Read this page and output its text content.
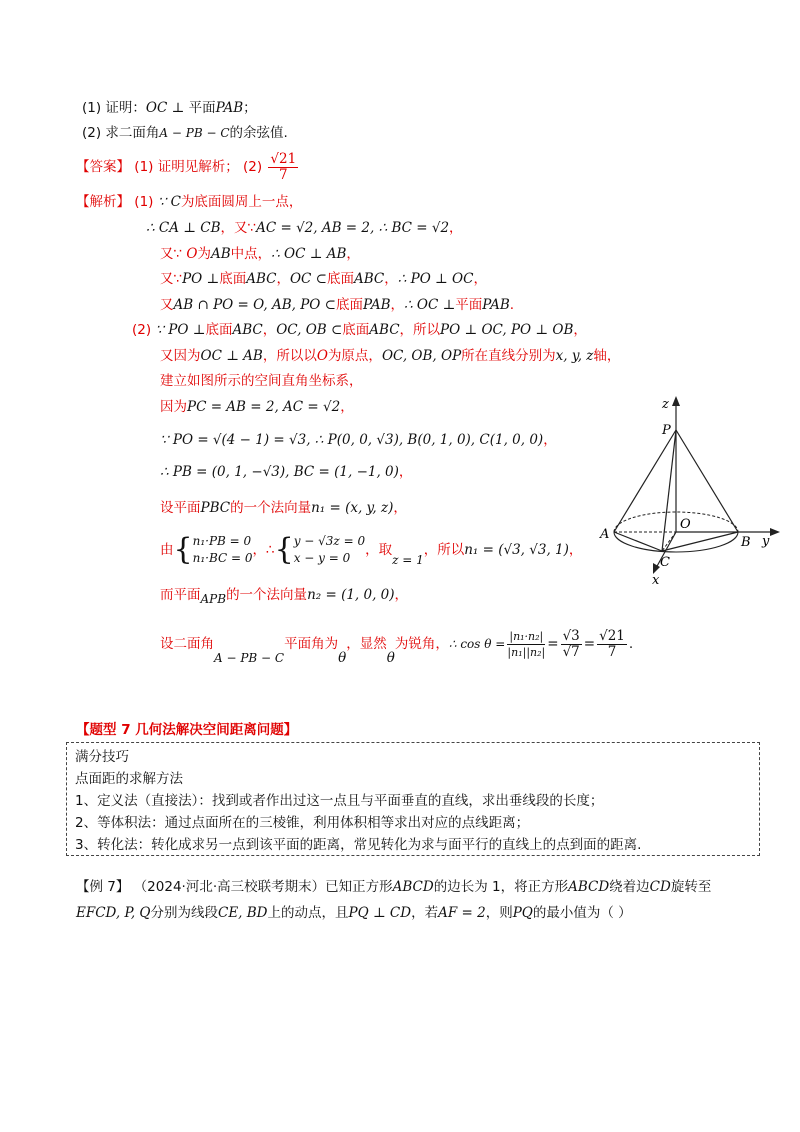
(1) 证明：OC ⊥ 平面PAB；
(2) 求二面角A − PB − C的余弦值.
【答案】 (1) 证明见解析； $(2) \frac{√21}{7}$
【解析】 (1) ∵ C为底面圆周上一点，
∴ CA ⊥ CB，又∵AC = √2, AB = 2, ∴ BC = √2，
又∵ O为AB中点，∴ OC ⊥ AB，
又∵PO ⊥底面ABC，OC ⊂底面ABC，∴ PO ⊥ OC，
又AB ∩ PO = O, AB, PO ⊂底面PAB，∴ OC ⊥平面PAB.
(2) ∵ PO ⊥底面ABC，OC, OB ⊂底面ABC，所以PO ⊥ OC, PO ⊥ OB，
又因为OC ⊥ AB，所以以O为原点，OC, OB, OP所在直线分别为x, y, z轴，
建立如图所示的空间直角坐标系，
因为PC = AB = 2, AC = √2，
∵ PO = √(4 − 1) = √3, ∴ P(0, 0, √3), B(0, 1, 0), C(1, 0, 0)，
∴ PB = (0, 1, −√3), BC = (1, −1, 0)，
设平面PBC的一个法向量n₁ = (x, y, z)，
由{ n₁·PB = 0
n₁·BC = 0 ，∴{ y − √3z = 0
x − y = 0	，取z = 1，所以n₁ = (√3, √3, 1)，
而平面APB的一个法向量n₂ = (1, 0, 0)，
设二面角A − PB − C平面角为θ，显然θ为锐角，∴ $\cos \theta = \frac{\text{|n₁·n₂|}}{\text{|n₁||n₂|}} = \frac{√3}{√7} = \frac{√21}{7}$ .
z
P
A
O
B y
C
x
【题型 7 几何法解决空间距离问题】
满分技巧
点面距的求解方法
1、定义法（直接法）：找到或者作出过这一点且与平面垂直的直线，求出垂线段的长度；
2、等体积法：通过点面所在的三棱锥，利用体积相等求出对应的点线距离；
3、转化法：转化成求另一点到该平面的距离，常见转化为求与面平行的直线上的点到面的距离.
【例 7】 （2024·河北·高三校联考期末）已知正方形ABCD的边长为 1，将正方形ABCD绕着边CD旋转至
EFCD, P, Q分别为线段CE, BD上的动点，且PQ ⊥ CD，若AF = 2，则PQ的最小值为（ ）
